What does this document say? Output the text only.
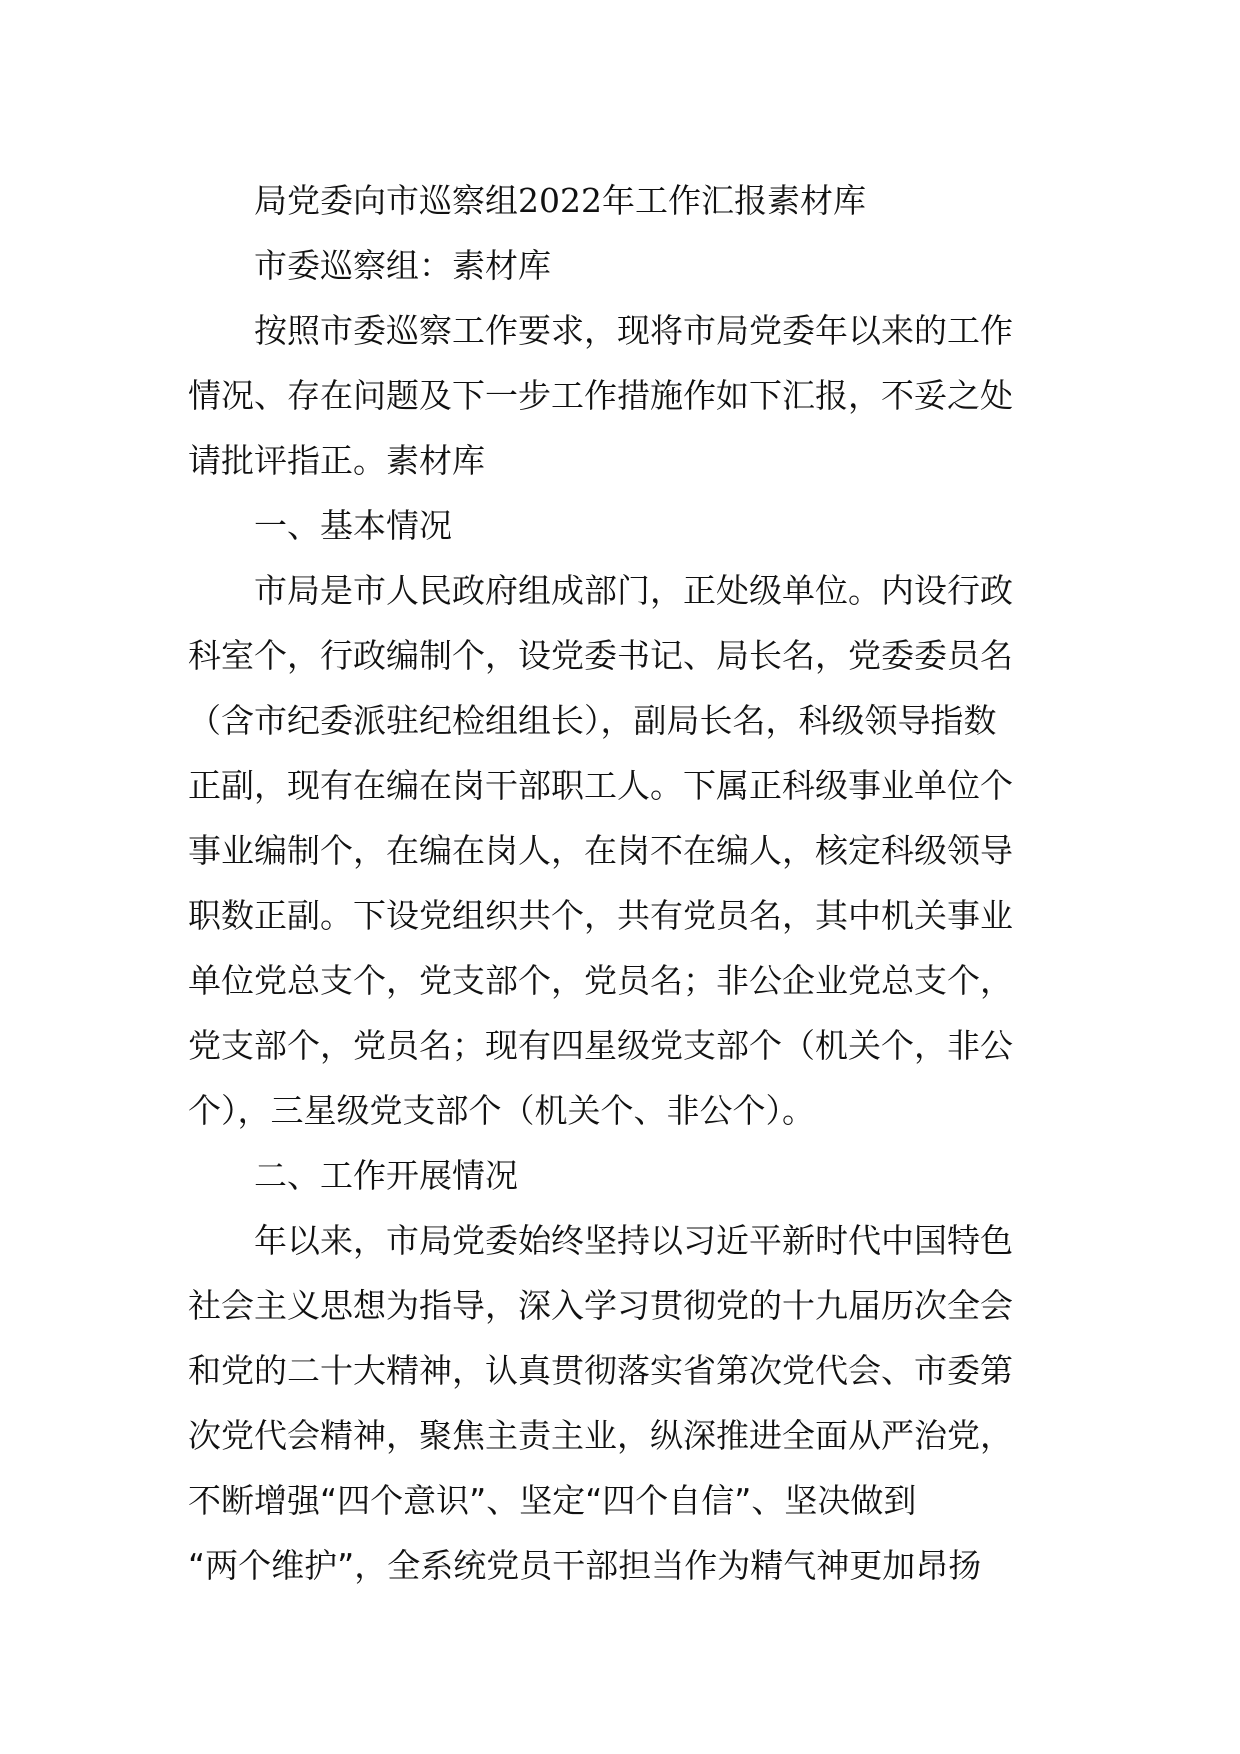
局党委向市巡察组2022年工作汇报素材库
市委巡察组：素材库
按照市委巡察工作要求，现将市局党委年以来的工作
情况、存在问题及下一步工作措施作如下汇报，不妥之处
请批评指正。素材库
一、基本情况
市局是市人民政府组成部门，正处级单位。内设行政
科室个，行政编制个，设党委书记、局长名，党委委员名
（含市纪委派驻纪检组组长），副局长名，科级领导指数
正副，现有在编在岗干部职工人。下属正科级事业单位个
事业编制个，在编在岗人，在岗不在编人，核定科级领导
职数正副。下设党组织共个，共有党员名，其中机关事业
单位党总支个，党支部个，党员名；非公企业党总支个，
党支部个，党员名；现有四星级党支部个（机关个，非公
个），三星级党支部个（机关个、非公个）。
二、工作开展情况
年以来，市局党委始终坚持以习近平新时代中国特色
社会主义思想为指导，深入学习贯彻党的十九届历次全会
和党的二十大精神，认真贯彻落实省第次党代会、市委第
次党代会精神，聚焦主责主业，纵深推进全面从严治党，
不断增强“四个意识”、坚定“四个自信”、坚决做到
“两个维护”，全系统党员干部担当作为精气神更加昂扬
